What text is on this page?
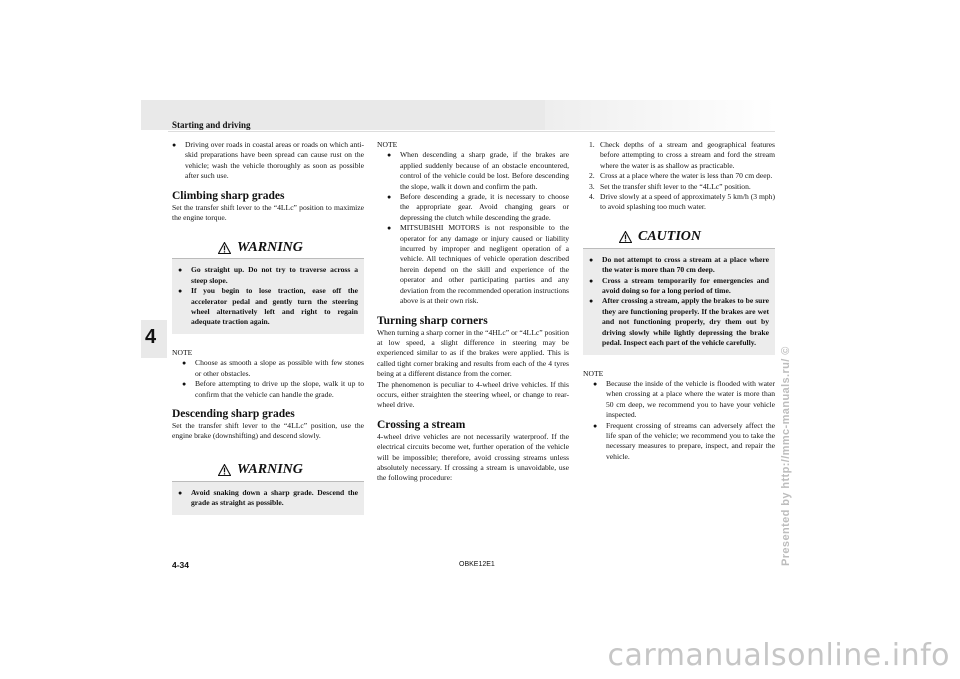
Starting and driving
4
● Driving over roads in coastal areas or roads on which anti-skid preparations have been spread can cause rust on the vehicle; wash the vehicle thoroughly as soon as possible after such use.
Climbing sharp grades

Set the transfer shift lever to the “4LLc” position to maximize the engine torque.

WARNING
● Go straight up. Do not try to traverse across a steep slope.
● If you begin to lose traction, ease off the accelerator pedal and gently turn the steering wheel alternatively left and right to regain adequate traction again.
NOTE
● Choose as smooth a slope as possible with few stones or other obstacles.
● Before attempting to drive up the slope, walk it up to confirm that the vehicle can handle the grade.
Descending sharp grades

Set the transfer shift lever to the “4LLc” position, use the engine brake (downshifting) and descend slowly.

WARNING
● Avoid snaking down a sharp grade. Descend the grade as straight as possible.
NOTE
● When descending a sharp grade, if the brakes are applied suddenly because of an obstacle encountered, control of the vehicle could be lost. Before descending the slope, walk it down and confirm the path.
● Before descending a grade, it is necessary to choose the appropriate gear. Avoid changing gears or depressing the clutch while descending the grade.
● MITSUBISHI MOTORS is not responsible to the operator for any damage or injury caused or liability incurred by improper and negligent operation of a vehicle. All techniques of vehicle operation described herein depend on the skill and experience of the operator and other participating parties and any deviation from the recommended operation instructions above is at their own risk.
Turning sharp corners

When turning a sharp corner in the “4HLc” or “4LLc” position at low speed, a slight difference in steering may be experienced similar to as if the brakes were applied. This is called tight corner braking and results from each of the 4 tyres being at a different distance from the corner.

The phenomenon is peculiar to 4-wheel drive vehicles. If this occurs, either straighten the steering wheel, or change to rear-wheel drive.

Crossing a stream

4-wheel drive vehicles are not necessarily waterproof. If the electrical circuits become wet, further operation of the vehicle will be impossible; therefore, avoid crossing streams unless absolutely necessary. If crossing a stream is unavoidable, use the following procedure:

1. Check depths of a stream and geographical features before attempting to cross a stream and ford the stream where the water is as shallow as practicable.
2. Cross at a place where the water is less than 70 cm deep.
3. Set the transfer shift lever to the “4LLc” position.
4. Drive slowly at a speed of approximately 5 km/h (3 mph) to avoid splashing too much water.
CAUTION
● Do not attempt to cross a stream at a place where the water is more than 70 cm deep.
● Cross a stream temporarily for emergencies and avoid doing so for a long period of time.
● After crossing a stream, apply the brakes to be sure they are functioning properly. If the brakes are wet and not functioning properly, dry them out by driving slowly while lightly depressing the brake pedal. Inspect each part of the vehicle carefully.
NOTE
● Because the inside of the vehicle is flooded with water when crossing at a place where the water is more than 50 cm deep, we recommend you to have your vehicle inspected.
● Frequent crossing of streams can adversely affect the life span of the vehicle; we recommend you to take the necessary measures to prepare, inspect, and repair the vehicle.
4-34	OBKE12E1	Presented by http://mmc-manuals.ru/ ©
carmanualsonline.info
